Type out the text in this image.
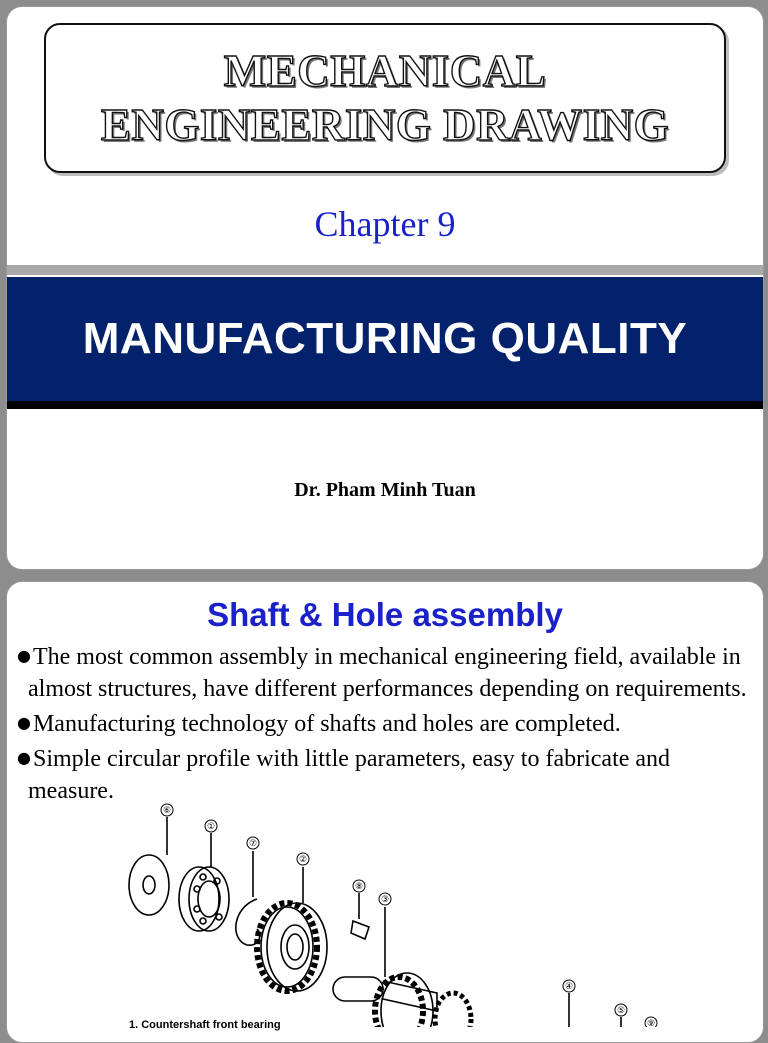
MECHANICAL
ENGINEERING DRAWING
Chapter 9
MANUFACTURING QUALITY
Dr. Pham Minh Tuan
Shaft & Hole assembly
●The most common assembly in mechanical engineering field, available in almost structures, have different performances depending on requirements.
●Manufacturing technology of shafts and holes are completed.
●Simple circular profile with little parameters, easy to fabricate and measure.
⑥
①
⑦
②
⑧
③
④
⑤
⑨
1. Countershaft front bearing
